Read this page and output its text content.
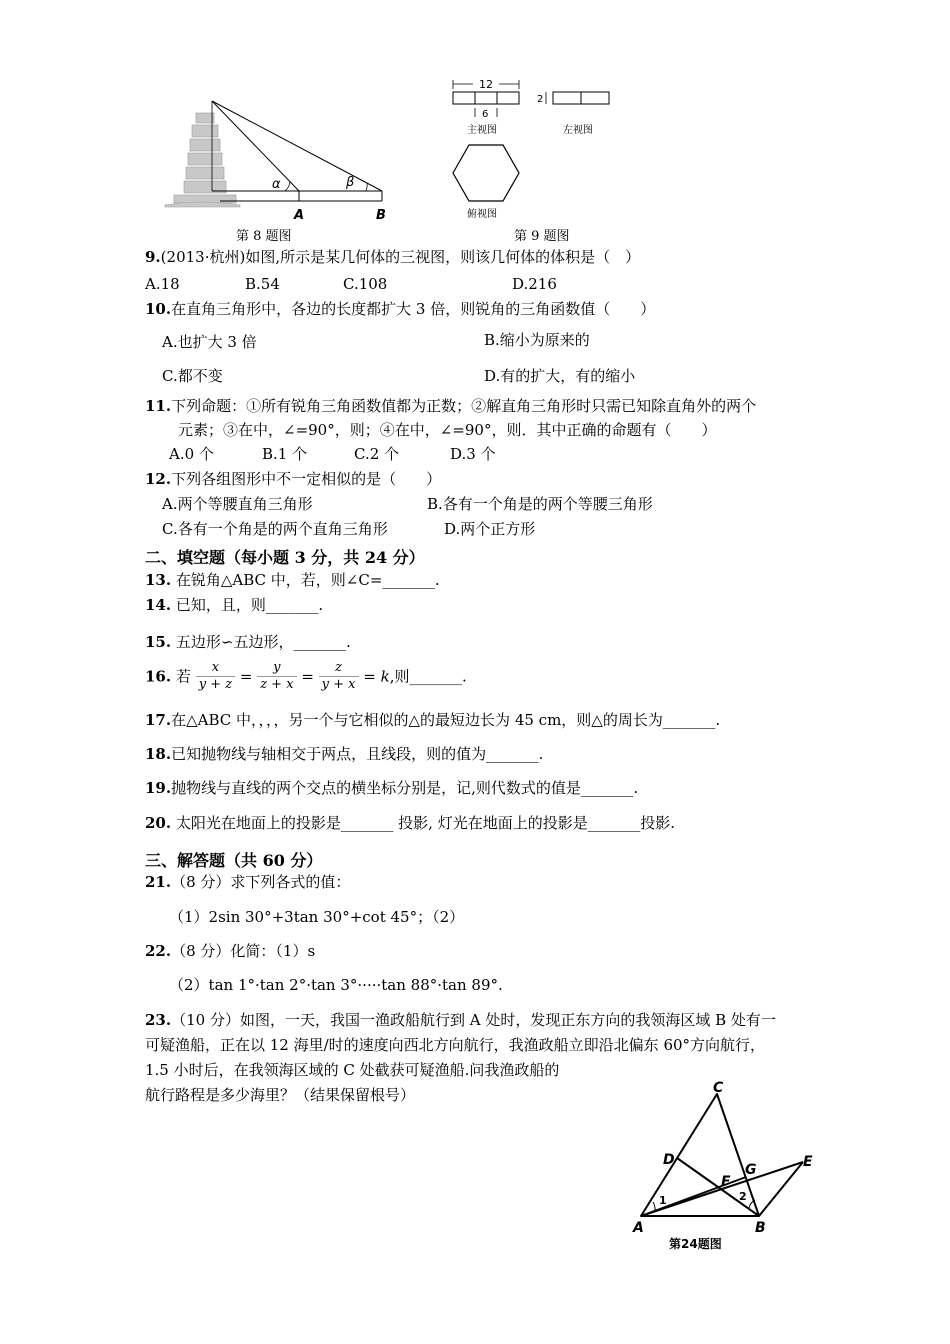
α	β
A	B
第 8 题图
12
6
主视图
2
左视图
俯视图
第 9 题图
9.(2013·杭州)如图,所示是某几何体的三视图，则该几何体的体积是（　）
A.18	B.54	C.108	D.216
10.在直角三角形中，各边的长度都扩大 3 倍，则锐角的三角函数值（　　）
A.也扩大 3 倍	B.缩小为原来的
C.都不变	D.有的扩大，有的缩小
11.下列命题：①所有锐角三角函数值都为正数；②解直角三角形时只需已知除直角外的两个
元素；③在中，∠=90°，则；④在中，∠=90°，则．其中正确的命题有（　　）
A.0 个	B.1 个	C.2 个	D.3 个
12.下列各组图形中不一定相似的是（　　）
A.两个等腰直角三角形	B.各有一个角是的两个等腰三角形
C.各有一个角是的两个直角三角形	D.两个正方形
二、填空题（每小题 3 分，共 24 分）
13. 在锐角△ABC 中，若，则∠C=_______.
14. 已知，且，则_______.
15. 五边形∽五边形，_______.
16. 若 $\frac{x}{y + z} = \frac{y}{z + x} = \frac{z}{y + x} = k$,则_______.
17.在△ABC 中，，，，另一个与它相似的△的最短边长为 45 cm，则△的周长为_______.
18.已知抛物线与轴相交于两点，且线段，则的值为_______.
19.抛物线与直线的两个交点的横坐标分别是，记,则代数式的值是_______.
20. 太阳光在地面上的投影是_______ 投影, 灯光在地面上的投影是_______投影.
三、解答题（共 60 分）
21.（8 分）求下列各式的值：
（1）2sin 30°+3tan 30°+cot 45°；（2）
22.（8 分）化简：（1）s
（2）tan 1°·tan 2°·tan 3°·····tan 88°·tan 89°.
23.（10 分）如图，一天，我国一渔政船航行到 A 处时，发现正东方向的我领海区域 B 处有一
可疑渔船，正在以 12 海里/时的速度向西北方向航行，我渔政船立即沿北偏东 60°方向航行，
1.5 小时后，在我领海区域的 C 处截获可疑渔船.问我渔政船的
航行路程是多少海里？（结果保留根号）	C
D
F
G	E
A	B
1	2
第24题图
